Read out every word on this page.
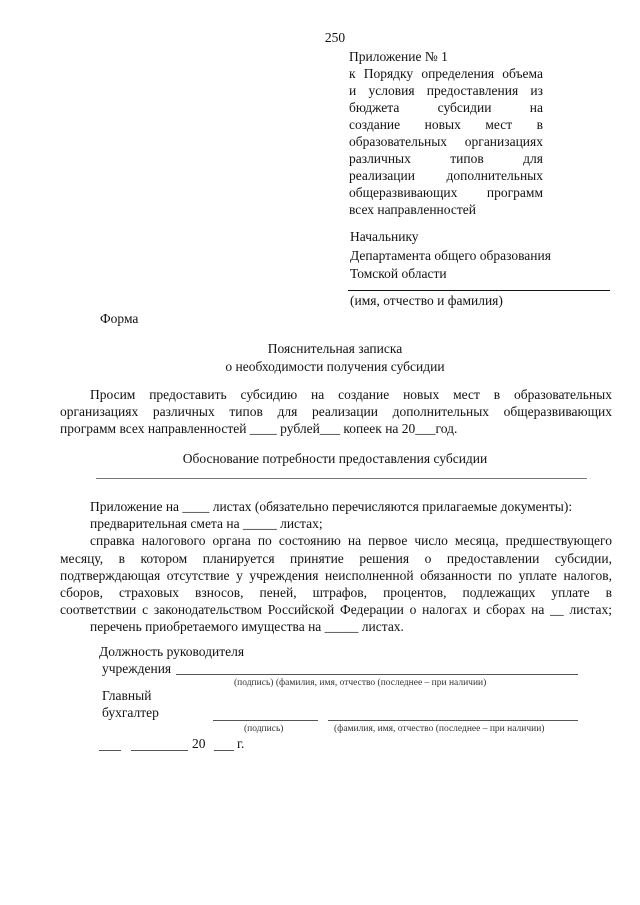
250
Приложение № 1
к Порядку определения объема
и условия предоставления из
бюджета субсидии на
создание новых мест в
образовательных организациях
различных типов для
реализации дополнительных
общеразвивающих программ
всех направленностей
Начальнику
Департамента общего образования
Томской области
(имя, отчество и фамилия)
Форма
Пояснительная записка
о необходимости получения субсидии
Просим предоставить субсидию на создание новых мест в образовательных
организациях различных типов для реализации дополнительных общеразвивающих
программ всех направленностей ____ рублей___ копеек на 20___год.
Обоснование потребности предоставления субсидии
Приложение на ____ листах (обязательно перечисляются прилагаемые документы):
предварительная смета на _____ листах;
справка налогового органа по состоянию на первое число месяца, предшествующего
месяцу, в котором планируется принятие решения о предоставлении субсидии,
подтверждающая отсутствие у учреждения неисполненной обязанности по уплате налогов,
сборов, страховых взносов, пеней, штрафов, процентов, подлежащих уплате в
соответствии с законодательством Российской Федерации о налогах и сборах на __ листах;
перечень приобретаемого имущества на _____ листах.
Должность руководителя
учреждения
(подпись) (фамилия, имя, отчество (последнее – при наличии)
Главный
бухгалтер
(подпись)	(фамилия, имя, отчество (последнее – при наличии)
20 г.
